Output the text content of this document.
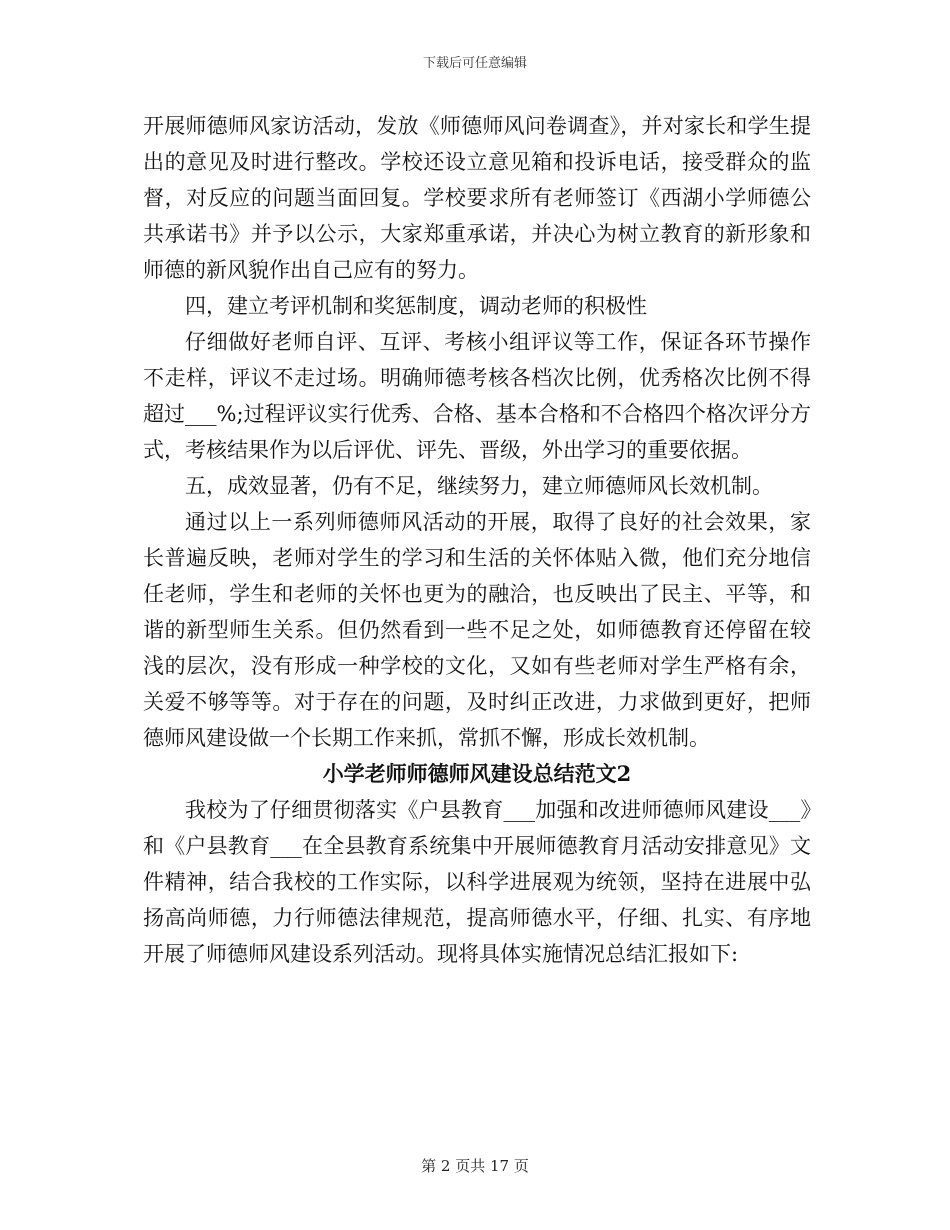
下载后可任意编辑

开展师德师风家访活动，发放《师德师风问卷调查》，并对家长和学生提出的意见及时进行整改。学校还设立意见箱和投诉电话，接受群众的监督，对反应的问题当面回复。学校要求所有老师签订《西湖小学师德公共承诺书》并予以公示，大家郑重承诺，并决心为树立教育的新形象和师德的新风貌作出自己应有的努力。

四，建立考评机制和奖惩制度，调动老师的积极性

仔细做好老师自评、互评、考核小组评议等工作，保证各环节操作不走样，评议不走过场。明确师德考核各档次比例，优秀格次比例不得超过___%;过程评议实行优秀、合格、基本合格和不合格四个格次评分方式，考核结果作为以后评优、评先、晋级，外出学习的重要依据。

五，成效显著，仍有不足，继续努力，建立师德师风长效机制。

通过以上一系列师德师风活动的开展，取得了良好的社会效果，家长普遍反映，老师对学生的学习和生活的关怀体贴入微，他们充分地信任老师，学生和老师的关怀也更为的融洽，也反映出了民主、平等，和谐的新型师生关系。但仍然看到一些不足之处，如师德教育还停留在较浅的层次，没有形成一种学校的文化，又如有些老师对学生严格有余，关爱不够等等。对于存在的问题，及时纠正改进，力求做到更好，把师德师风建设做一个长期工作来抓，常抓不懈，形成长效机制。

小学老师师德师风建设总结范文2

我校为了仔细贯彻落实《户县教育___加强和改进师德师风建设___》和《户县教育___在全县教育系统集中开展师德教育月活动安排意见》文件精神，结合我校的工作实际，以科学进展观为统领，坚持在进展中弘扬高尚师德，力行师德法律规范，提高师德水平，仔细、扎实、有序地开展了师德师风建设系列活动。现将具体实施情况总结汇报如下:

第 2 页共 17 页
